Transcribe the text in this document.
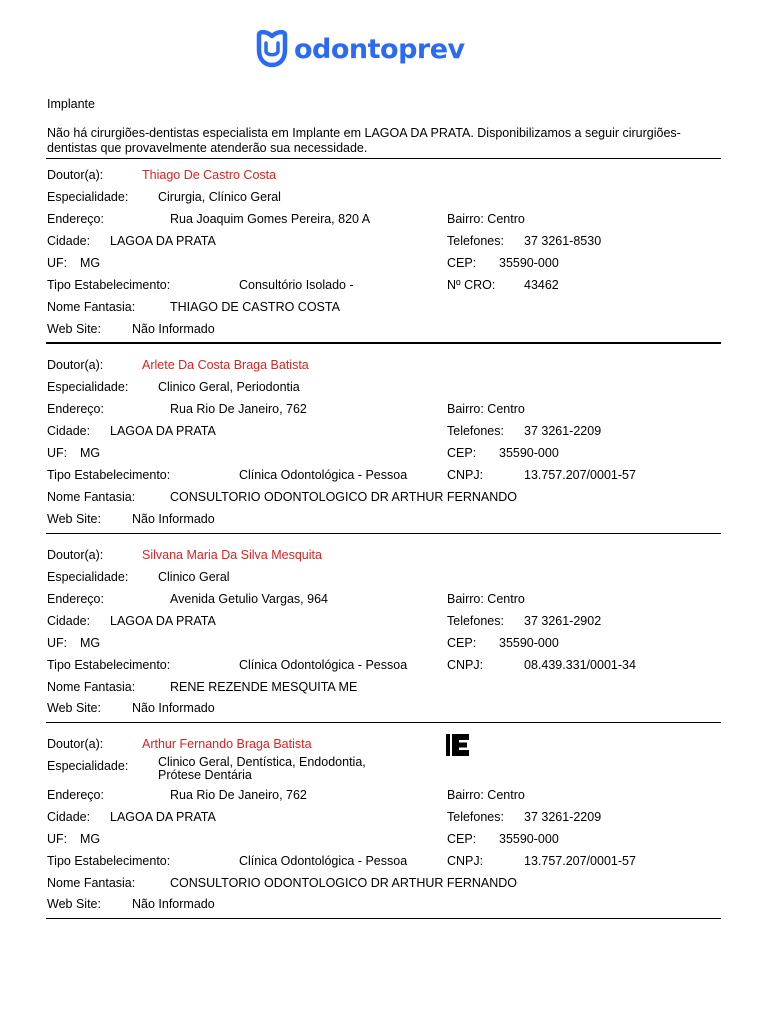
odontoprev
Implante
Não há cirurgiões-dentistas especialista em Implante em LAGOA DA PRATA. Disponibilizamos a seguir cirurgiões-dentistas que provavelmente atenderão sua necessidade.
Doutor(a):	Thiago De Castro Costa
Especialidade: Cirurgia, Clínico Geral
Endereço:	Rua Joaquim Gomes Pereira, 820 A	Bairro: Centro
Cidade: LAGOA DA PRATA	Telefones: 37 3261-8530
UF: MG	CEP: 35590-000
Tipo Estabelecimento:	Consultório Isolado -	Nº CRO: 43462
Nome Fantasia:	THIAGO DE CASTRO COSTA
Web Site: Não Informado
Doutor(a):	Arlete Da Costa Braga Batista
Especialidade: Clinico Geral, Periodontia
Endereço:	Rua Rio De Janeiro, 762	Bairro: Centro
Cidade: LAGOA DA PRATA	Telefones: 37 3261-2209
UF: MG	CEP: 35590-000
Tipo Estabelecimento:	Clínica Odontológica - Pessoa	CNPJ:	13.757.207/0001-57
Nome Fantasia:	CONSULTORIO ODONTOLOGICO DR ARTHUR FERNANDO
Web Site: Não Informado
Doutor(a):	Silvana Maria Da Silva Mesquita
Especialidade: Clinico Geral
Endereço:	Avenida Getulio Vargas, 964	Bairro: Centro
Cidade: LAGOA DA PRATA	Telefones: 37 3261-2902
UF: MG	CEP: 35590-000
Tipo Estabelecimento:	Clínica Odontológica - Pessoa	CNPJ:	08.439.331/0001-34
Nome Fantasia:	RENE REZENDE MESQUITA ME
Web Site: Não Informado
Doutor(a):	Arthur Fernando Braga Batista
Especialidade: Clinico Geral, Dentística, Endodontia, Prótese Dentária
Endereço:	Rua Rio De Janeiro, 762	Bairro: Centro
Cidade: LAGOA DA PRATA	Telefones: 37 3261-2209
UF: MG	CEP: 35590-000
Tipo Estabelecimento:	Clínica Odontológica - Pessoa	CNPJ:	13.757.207/0001-57
Nome Fantasia:	CONSULTORIO ODONTOLOGICO DR ARTHUR FERNANDO
Web Site: Não Informado
